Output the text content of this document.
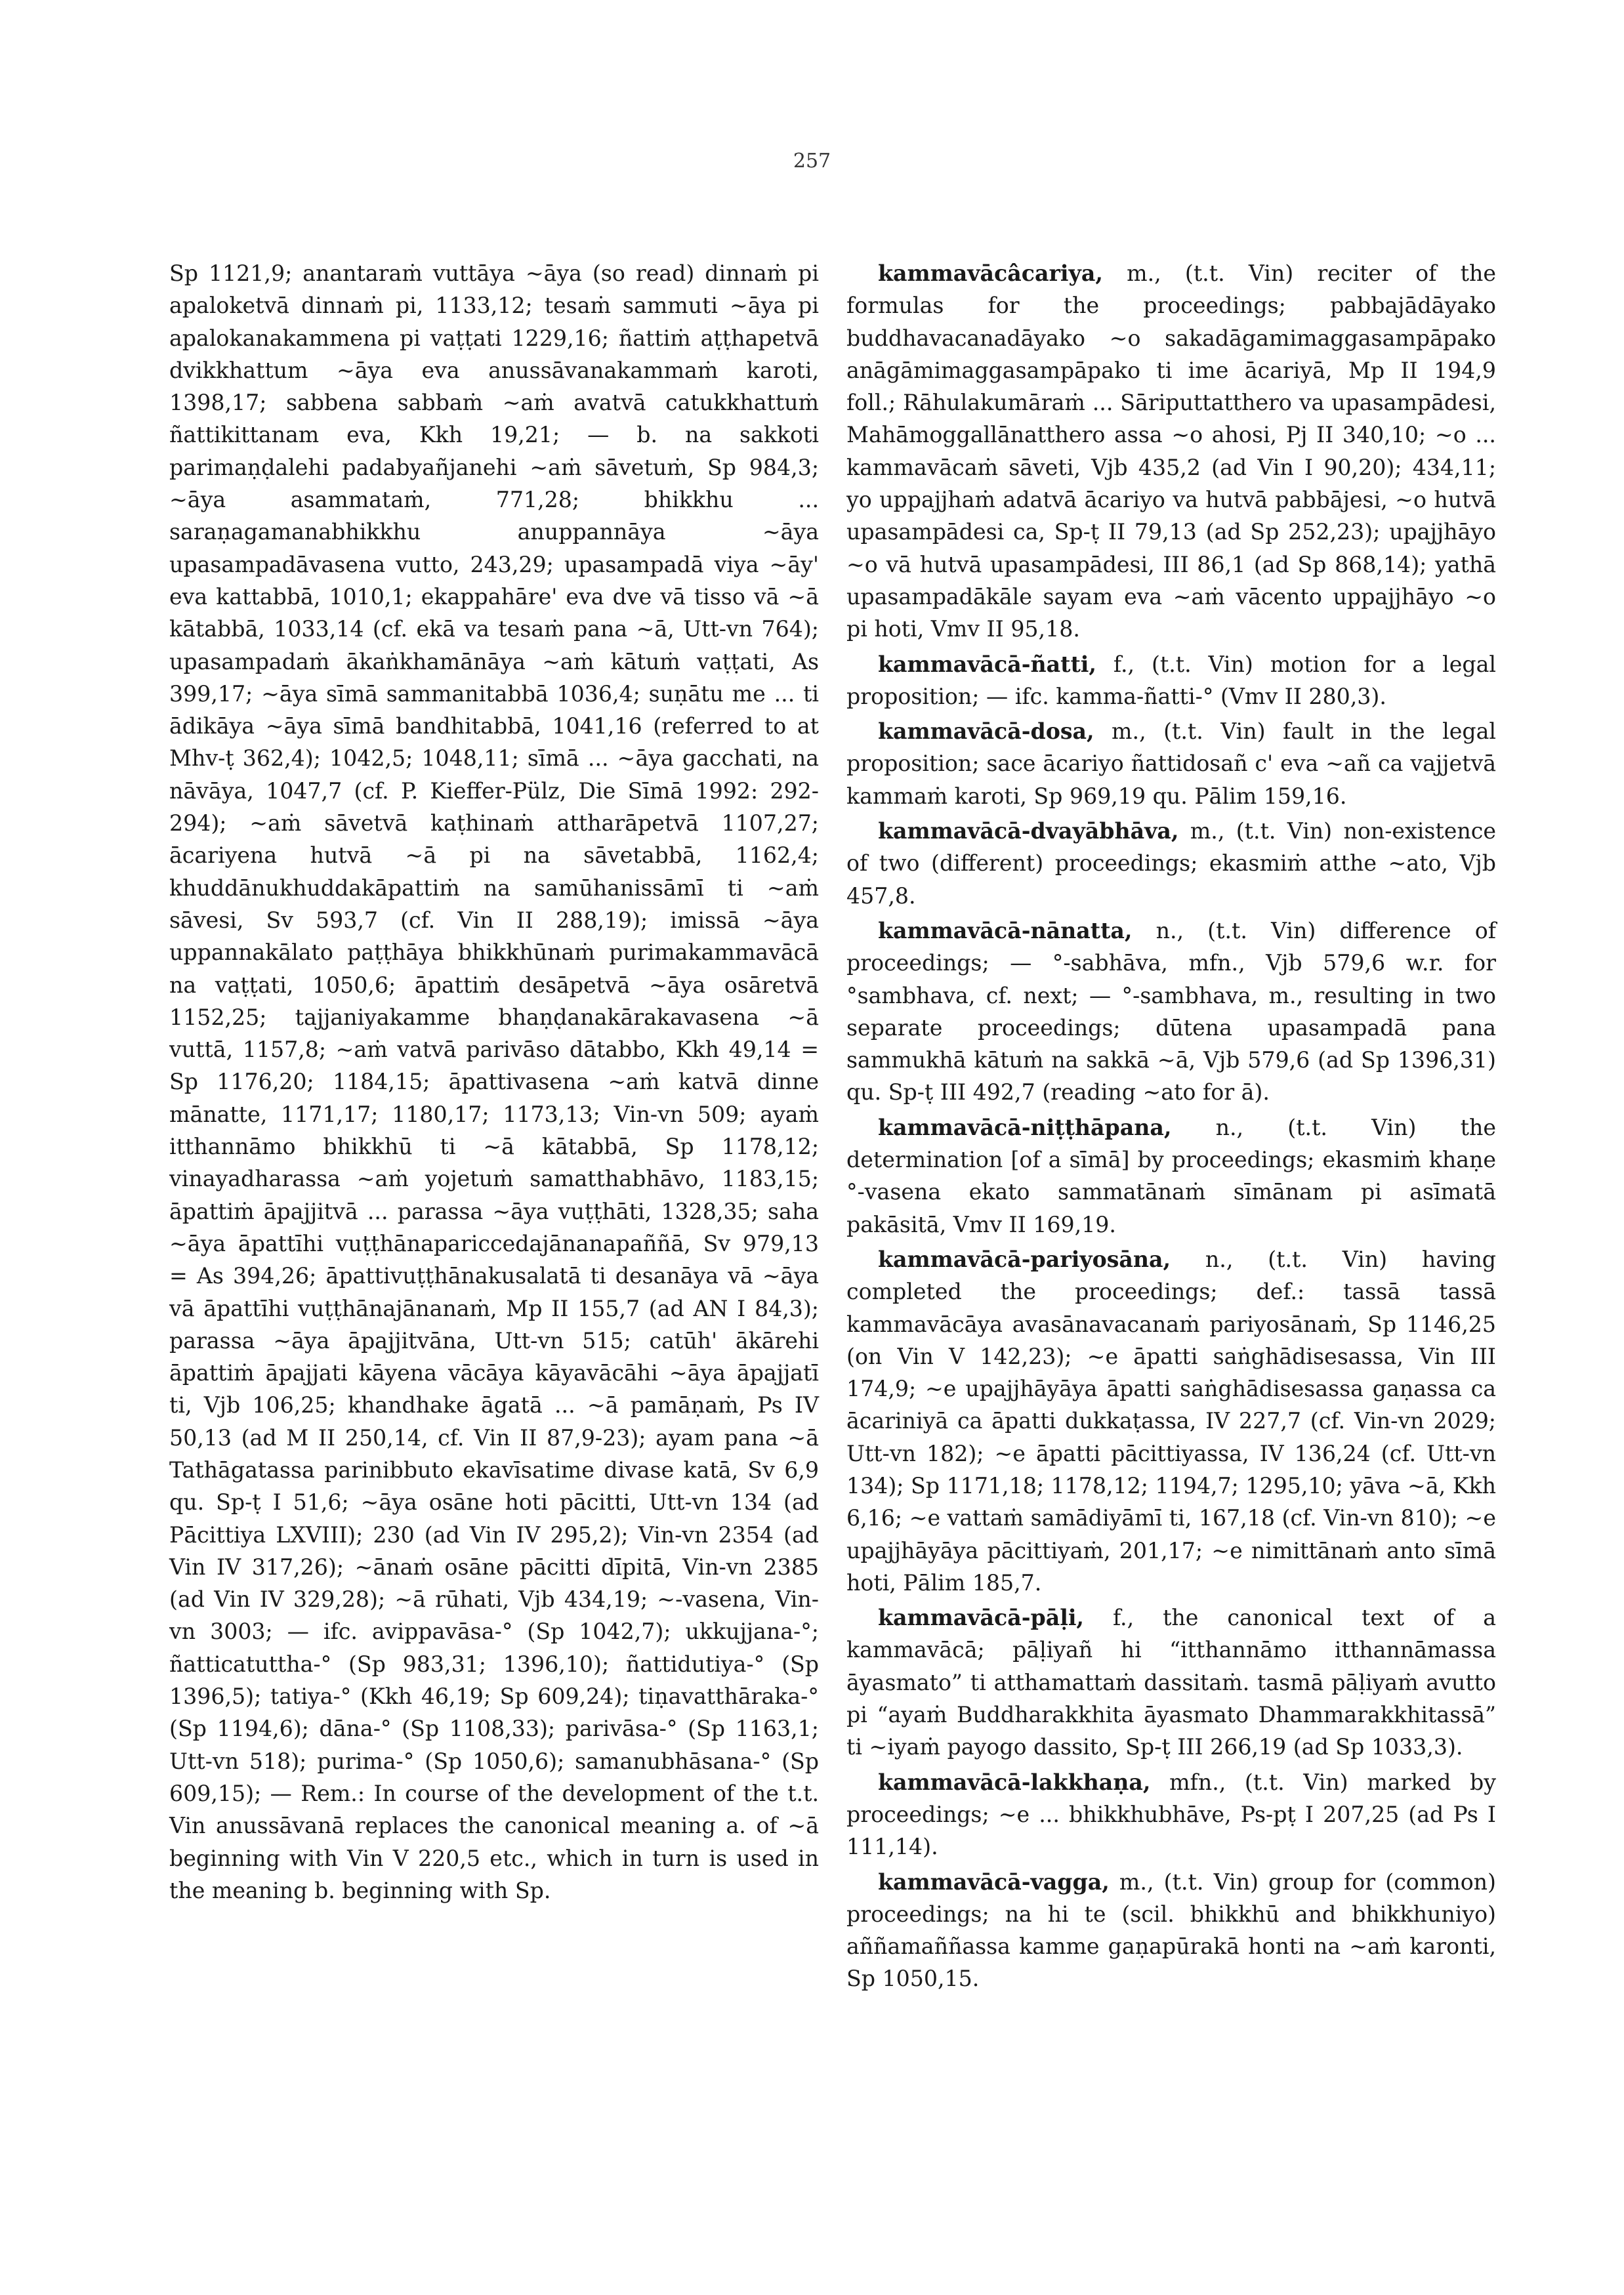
257

Sp 1121,9; anantaraṁ vuttāya ~āya (so read) dinnaṁ pi apaloketvā dinnaṁ pi, 1133,12; tesaṁ sammuti ~āya pi apalokanakammena pi vaṭṭati 1229,16; ñattiṁ aṭṭhapetvā dvikkhattum ~āya eva anussāvanakammaṁ karoti, 1398,17; sabbena sabbaṁ ~aṁ avatvā catukkhattuṁ ñattikittanam eva, Kkh 19,21; — b. na sakkoti parimaṇḍalehi padabyañjanehi ~aṁ sāvetuṁ, Sp 984,3; ~āya asammataṁ, 771,28; bhikkhu ... saraṇagamanabhikkhu anuppannāya ~āya upasampadāvasena vutto, 243,29; upasampadā viya ~āy' eva kattabbā, 1010,1; ekappahāre' eva dve vā tisso vā ~ā kātabbā, 1033,14 (cf. ekā va tesaṁ pana ~ā, Utt-vn 764); upasampadaṁ ākaṅkhamānāya ~aṁ kātuṁ vaṭṭati, As 399,17; ~āya sīmā sammanitabbā 1036,4; suṇātu me ... ti ādikāya ~āya sīmā bandhitabbā, 1041,16 (referred to at Mhv-ṭ 362,4); 1042,5; 1048,11; sīmā ... ~āya gacchati, na nāvāya, 1047,7 (cf. P. Kieffer-Pülz, Die Sīmā 1992: 292-294); ~aṁ sāvetvā kaṭhinaṁ attharāpetvā 1107,27; ācariyena hutvā ~ā pi na sāvetabbā, 1162,4; khuddānukhuddakāpattiṁ na samūhanissāmī ti ~aṁ sāvesi, Sv 593,7 (cf. Vin II 288,19); imissā ~āya uppannakālato paṭṭhāya bhikkhūnaṁ purimakammavācā na vaṭṭati, 1050,6; āpattiṁ desāpetvā ~āya osāretvā 1152,25; tajjaniyakamme bhaṇḍanakārakavasena ~ā vuttā, 1157,8; ~aṁ vatvā parivāso dātabbo, Kkh 49,14 = Sp 1176,20; 1184,15; āpattivasena ~aṁ katvā dinne mānatte, 1171,17; 1180,17; 1173,13; Vin-vn 509; ayaṁ itthannāmo bhikkhū ti ~ā kātabbā, Sp 1178,12; vinayadharassa ~aṁ yojetuṁ samatthabhāvo, 1183,15; āpattiṁ āpajjitvā ... parassa ~āya vuṭṭhāti, 1328,35; saha ~āya āpattīhi vuṭṭhānapariccedajānanapaññā, Sv 979,13 = As 394,26; āpattivuṭṭhānakusalatā ti desanāya vā ~āya vā āpattīhi vuṭṭhānajānanaṁ, Mp II 155,7 (ad AN I 84,3); parassa ~āya āpajjitvāna, Utt-vn 515; catūh' ākārehi āpattiṁ āpajjati kāyena vācāya kāyavācāhi ~āya āpajjatī ti, Vjb 106,25; khandhake āgatā ... ~ā pamāṇaṁ, Ps IV 50,13 (ad M II 250,14, cf. Vin II 87,9-23); ayam pana ~ā Tathāgatassa parinibbuto ekavīsatime divase katā, Sv 6,9 qu. Sp-ṭ I 51,6; ~āya osāne hoti pācitti, Utt-vn 134 (ad Pācittiya LXVIII); 230 (ad Vin IV 295,2); Vin-vn 2354 (ad Vin IV 317,26); ~ānaṁ osāne pācitti dīpitā, Vin-vn 2385 (ad Vin IV 329,28); ~ā rūhati, Vjb 434,19; ~-vasena, Vin-vn 3003; — ifc. avippavāsa-° (Sp 1042,7); ukkujjana-°; ñatticatuttha-° (Sp 983,31; 1396,10); ñattidutiya-° (Sp 1396,5); tatiya-° (Kkh 46,19; Sp 609,24); tiṇavatthāraka-° (Sp 1194,6); dāna-° (Sp 1108,33); parivāsa-° (Sp 1163,1; Utt-vn 518); purima-° (Sp 1050,6); samanubhāsana-° (Sp 609,15); — Rem.: In course of the development of the t.t. Vin anussāvanā replaces the canonical meaning a. of ~ā beginning with Vin V 220,5 etc., which in turn is used in the meaning b. beginning with Sp.

kammavācâcariya, m., (t.t. Vin) reciter of the formulas for the proceedings; pabbajādāyako buddhavacanadāyako ~o sakadāgamimaggasampāpako anāgāmimaggasampāpako ti ime ācariyā, Mp II 194,9 foll.; Rāhulakumāraṁ ... Sāriputtatthero va upasampādesi, Mahāmoggallānatthero assa ~o ahosi, Pj II 340,10; ~o ... kammavācaṁ sāveti, Vjb 435,2 (ad Vin I 90,20); 434,11; yo uppajjhaṁ adatvā ācariyo va hutvā pabbājesi, ~o hutvā upasampādesi ca, Sp-ṭ II 79,13 (ad Sp 252,23); upajjhāyo ~o vā hutvā upasampādesi, III 86,1 (ad Sp 868,14); yathā upasampadākāle sayam eva ~aṁ vācento uppajjhāyo ~o pi hoti, Vmv II 95,18.

kammavācā-ñatti, f., (t.t. Vin) motion for a legal proposition; — ifc. kamma-ñatti-° (Vmv II 280,3).

kammavācā-dosa, m., (t.t. Vin) fault in the legal proposition; sace ācariyo ñattidosañ c' eva ~añ ca vajjetvā kammaṁ karoti, Sp 969,19 qu. Pālim 159,16.

kammavācā-dvayābhāva, m., (t.t. Vin) non-existence of two (different) proceedings; ekasmiṁ atthe ~ato, Vjb 457,8.

kammavācā-nānatta, n., (t.t. Vin) difference of proceedings; — °-sabhāva, mfn., Vjb 579,6 w.r. for °sambhava, cf. next; — °-sambhava, m., resulting in two separate proceedings; dūtena upasampadā pana sammukhā kātuṁ na sakkā ~ā, Vjb 579,6 (ad Sp 1396,31) qu. Sp-ṭ III 492,7 (reading ~ato for ā).

kammavācā-niṭṭhāpana, n., (t.t. Vin) the determination [of a sīmā] by proceedings; ekasmiṁ khaṇe °-vasena ekato sammatānaṁ sīmānam pi asīmatā pakāsitā, Vmv II 169,19.

kammavācā-pariyosāna, n., (t.t. Vin) having completed the proceedings; def.: tassā tassā kammavācāya avasānavacanaṁ pariyosānaṁ, Sp 1146,25 (on Vin V 142,23); ~e āpatti saṅghādisesassa, Vin III 174,9; ~e upajjhāyāya āpatti saṅghādisesassa gaṇassa ca ācariniyā ca āpatti dukkaṭassa, IV 227,7 (cf. Vin-vn 2029; Utt-vn 182); ~e āpatti pācittiyassa, IV 136,24 (cf. Utt-vn 134); Sp 1171,18; 1178,12; 1194,7; 1295,10; yāva ~ā, Kkh 6,16; ~e vattaṁ samādiyāmī ti, 167,18 (cf. Vin-vn 810); ~e upajjhāyāya pācittiyaṁ, 201,17; ~e nimittānaṁ anto sīmā hoti, Pālim 185,7.

kammavācā-pāḷi, f., the canonical text of a kammavācā; pāḷiyañ hi “itthannāmo itthannāmassa āyasmato” ti atthamattaṁ dassitaṁ. tasmā pāḷiyaṁ avutto pi “ayaṁ Buddharakkhita āyasmato Dhammarakkhitassā” ti ~iyaṁ payogo dassito, Sp-ṭ III 266,19 (ad Sp 1033,3).

kammavācā-lakkhaṇa, mfn., (t.t. Vin) marked by proceedings; ~e ... bhikkhubhāve, Ps-pṭ I 207,25 (ad Ps I 111,14).

kammavācā-vagga, m., (t.t. Vin) group for (common) proceedings; na hi te (scil. bhikkhū and bhikkhuniyo) aññamaññassa kamme gaṇapūrakā honti na ~aṁ karonti, Sp 1050,15.
